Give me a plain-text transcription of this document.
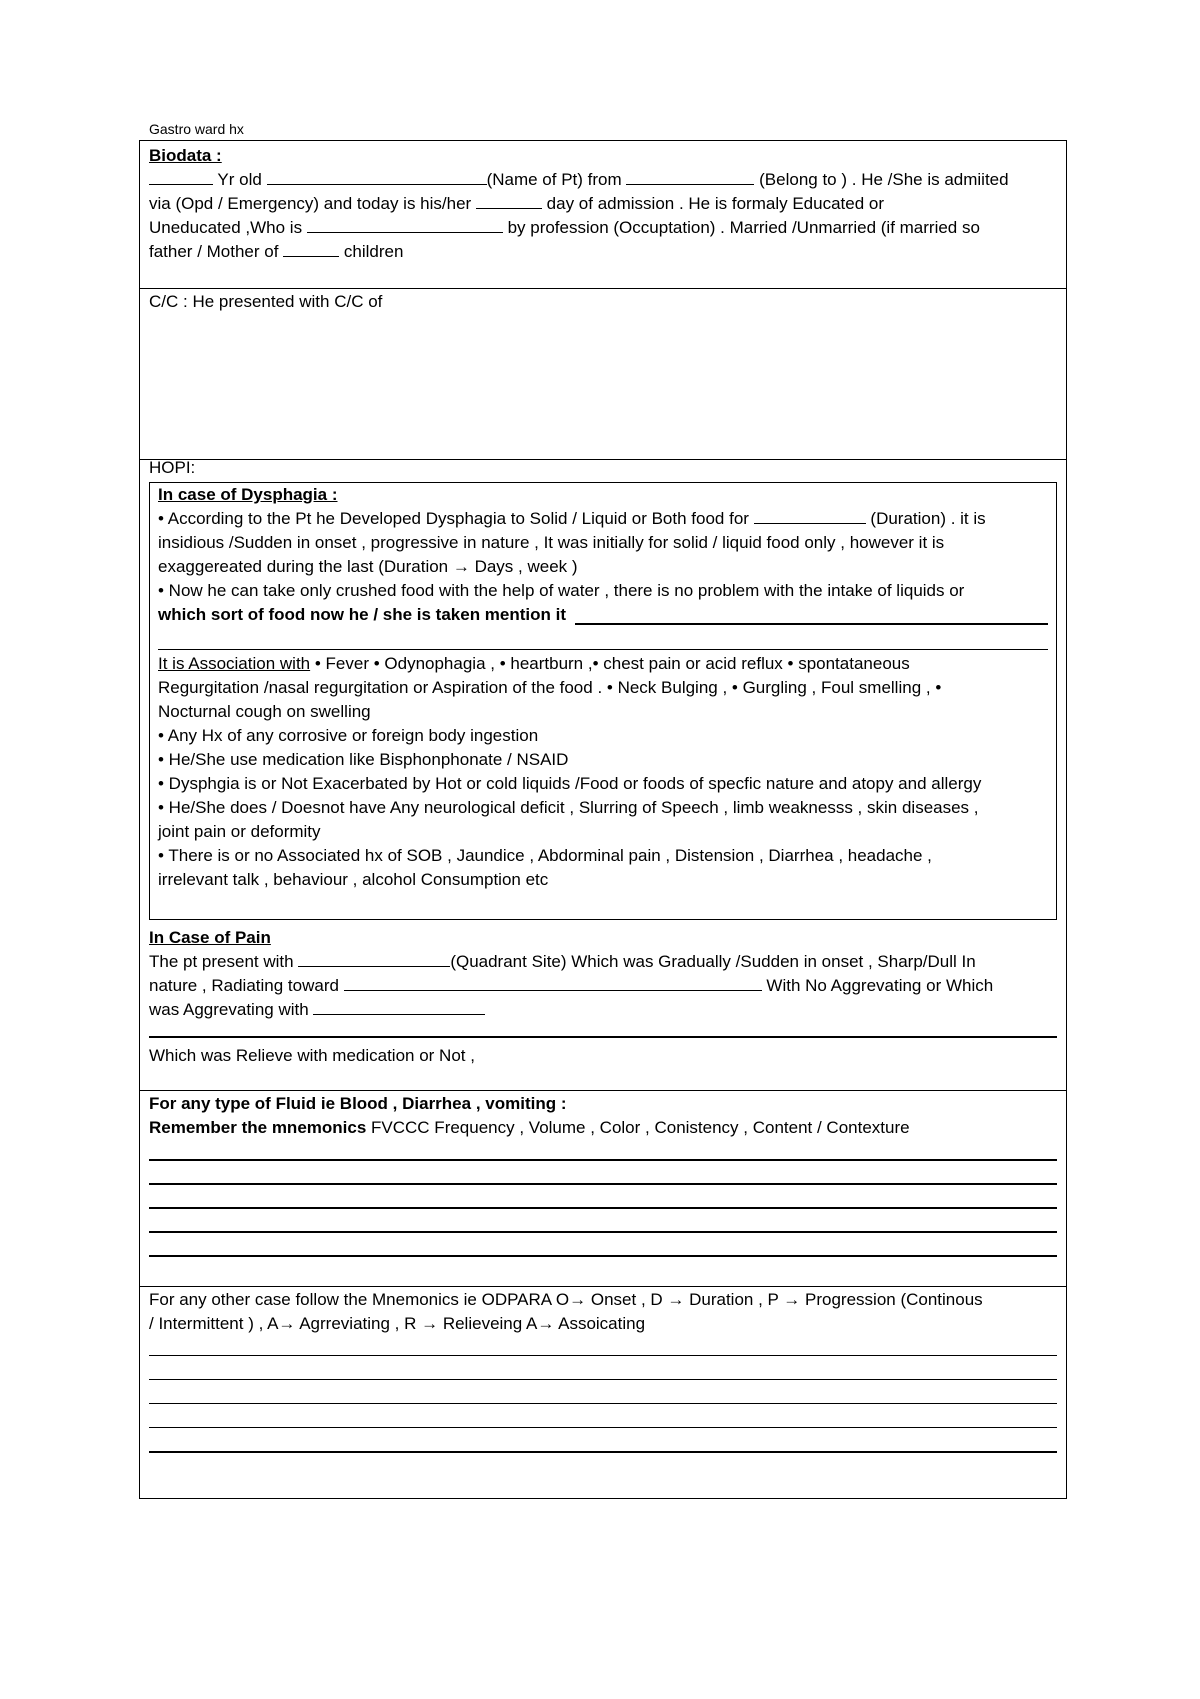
Gastro ward hx
Biodata :
Yr old	(Name of Pt) from	(Belong to ) . He /She is admiited
via (Opd / Emergency) and today is his/her	day of admission . He is formaly Educated or
Uneducated ,Who is	by profession (Occuptation) . Married /Unmarried (if married so
father / Mother of	children
C/C : He presented with C/C of
HOPI:
In case of Dysphagia :
• According to the Pt he Developed Dysphagia to Solid / Liquid or Both food for	(Duration) . it is
insidious /Sudden in onset , progressive in nature , It was initially for solid / liquid food only , however it is
exaggereated during the last (Duration → Days , week )
• Now he can take only crushed food with the help of water , there is no problem with the intake of liquids or
which sort of food now he / she is taken mention it
It is Association with • Fever • Odynophagia , • heartburn ,• chest pain or acid reflux • spontataneous
Regurgitation /nasal regurgitation or Aspiration of the food . • Neck Bulging , • Gurgling , Foul smelling , •
Nocturnal cough on swelling
• Any Hx of any corrosive or foreign body ingestion
• He/She use medication like Bisphonphonate / NSAID
• Dysphgia is or Not Exacerbated by Hot or cold liquids /Food or foods of specfic nature and atopy and allergy
• He/She does / Doesnot have Any neurological deficit , Slurring of Speech , limb weaknesss , skin diseases ,
joint pain or deformity
• There is or no Associated hx of SOB , Jaundice , Abdorminal pain , Distension , Diarrhea , headache ,
irrelevant talk , behaviour , alcohol Consumption etc
In Case of Pain
The pt present with	(Quadrant Site) Which was Gradually /Sudden in onset , Sharp/Dull In
nature , Radiating toward	With No Aggrevating or Which
was Aggrevating with
Which was Relieve with medication or Not ,
For any type of Fluid ie Blood , Diarrhea , vomiting :
Remember the mnemonics FVCCC Frequency , Volume , Color , Conistency , Content / Contexture
For any other case follow the Mnemonics ie ODPARA O→ Onset , D → Duration , P → Progression (Continous
/ Intermittent ) , A→ Agrreviating , R → Relieveing A→ Assoicating
